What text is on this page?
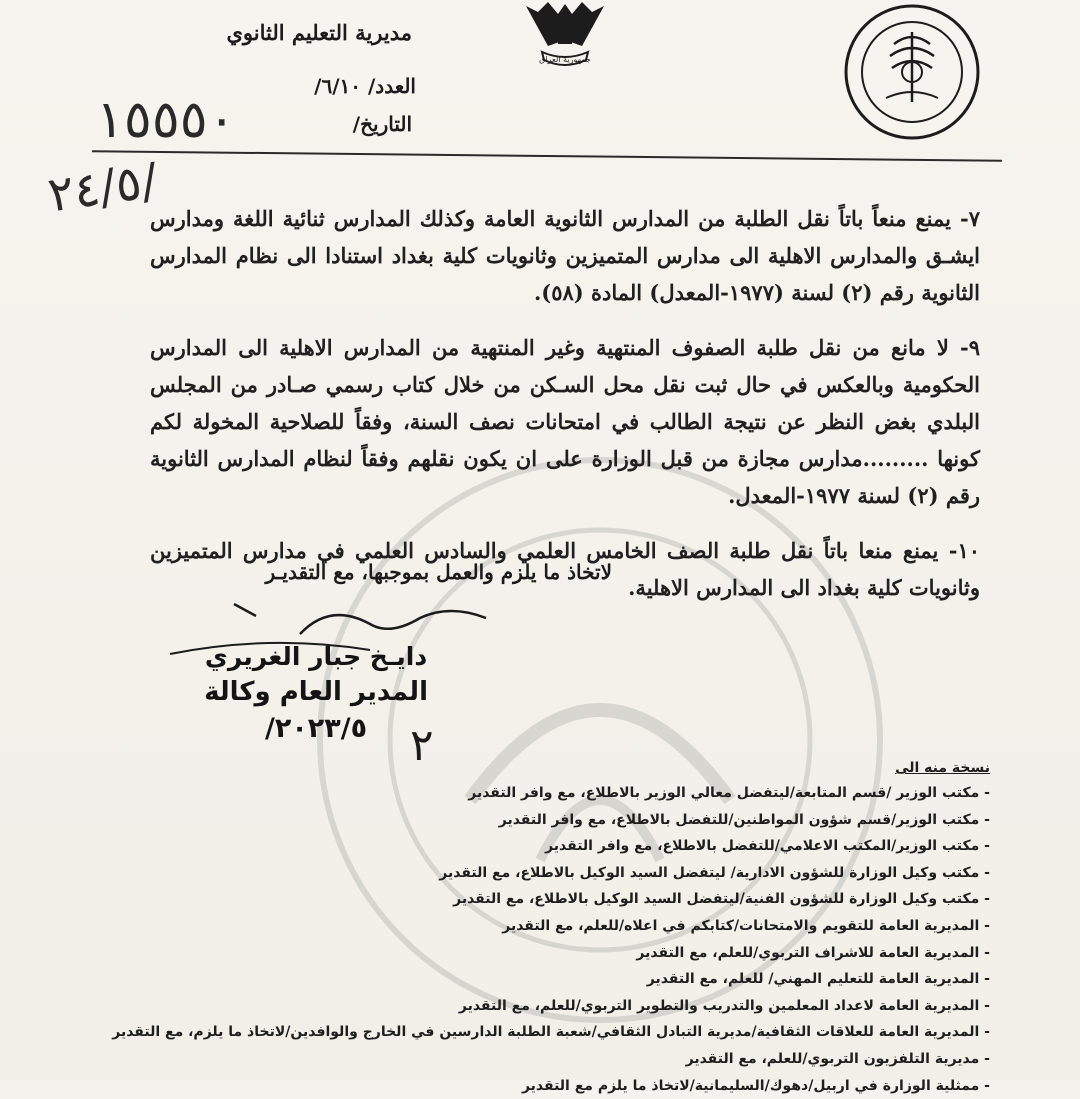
مديرية التعليم الثانوي
العدد/ ٦/١٠/
التاريخ/
جمهورية العراق
١٥٥٥٠
٢٤/٥/

٧- يمنع منعاً باتاً نقل الطلبة من المدارس الثانوية العامة وكذلك المدارس ثنائية اللغة ومدارس ايشـق والمدارس الاهلية الى مدارس المتميزين وثانويات كلية بغداد استنادا الى نظام المدارس الثانوية رقم (٢) لسنة (١٩٧٧-المعدل) المادة (٥٨).

٩- لا مانع من نقل طلبة الصفوف المنتهية وغير المنتهية من المدارس الاهلية الى المدارس الحكومية وبالعكس في حال ثبت نقل محل السـكن من خلال كتاب رسمي صـادر من المجلس البلدي بغض النظر عن نتيجة الطالب في امتحانات نصف السنة، وفقاً للصلاحية المخولة لكم كونها .........مدارس مجازة من قبل الوزارة على ان يكون نقلهم وفقاً لنظام المدارس الثانوية رقم (٢) لسنة ١٩٧٧-المعدل.

١٠- يمنع منعا باتاً نقل طلبة الصف الخامس العلمي والسادس العلمي في مدارس المتميزين وثانويات كلية بغداد الى المدارس الاهلية.

لاتخاذ ما يلزم والعمل بموجبها، مع التقديـر
دايـخ جبار الغريري
المدير العام وكالة
٢٠٢٣/٥/ ٢	نسخة منه الى
- مكتب الوزير /قسم المتابعة/ليتفضل معالي الوزير بالاطلاع، مع وافر التقدير
- مكتب الوزير/قسم شؤون المواطنين/للتفضل بالاطلاع، مع وافر التقدير
- مكتب الوزير/المكتب الاعلامي/للتفضل بالاطلاع، مع وافر التقدير
- مكتب وكيل الوزارة للشؤون الادارية/ ليتفضل السيد الوكيل بالاطلاع، مع التقدير
- مكتب وكيل الوزارة للشؤون الفنية/ليتفضل السيد الوكيل بالاطلاع، مع التقدير
- المديرية العامة للتقويم والامتحانات/كتابكم في اعلاه/للعلم، مع التقدير
- المديرية العامة للاشراف التربوي/للعلم، مع التقدير
- المديرية العامة للتعليم المهني/ للعلم، مع التقدير
- المديرية العامة لاعداد المعلمين والتدريب والتطوير التربوي/للعلم، مع التقدير
- المديرية العامة للعلاقات الثقافية/مديرية التبادل الثقافي/شعبة الطلبة الدارسين في الخارج والوافدين/لاتخاذ ما يلزم، مع التقدير
- مديرية التلفزيون التربوي/للعلم، مع التقدير
- ممثلية الوزارة في اربيل/دهوك/السليمانية/لاتخاذ ما يلزم مع التقدير
